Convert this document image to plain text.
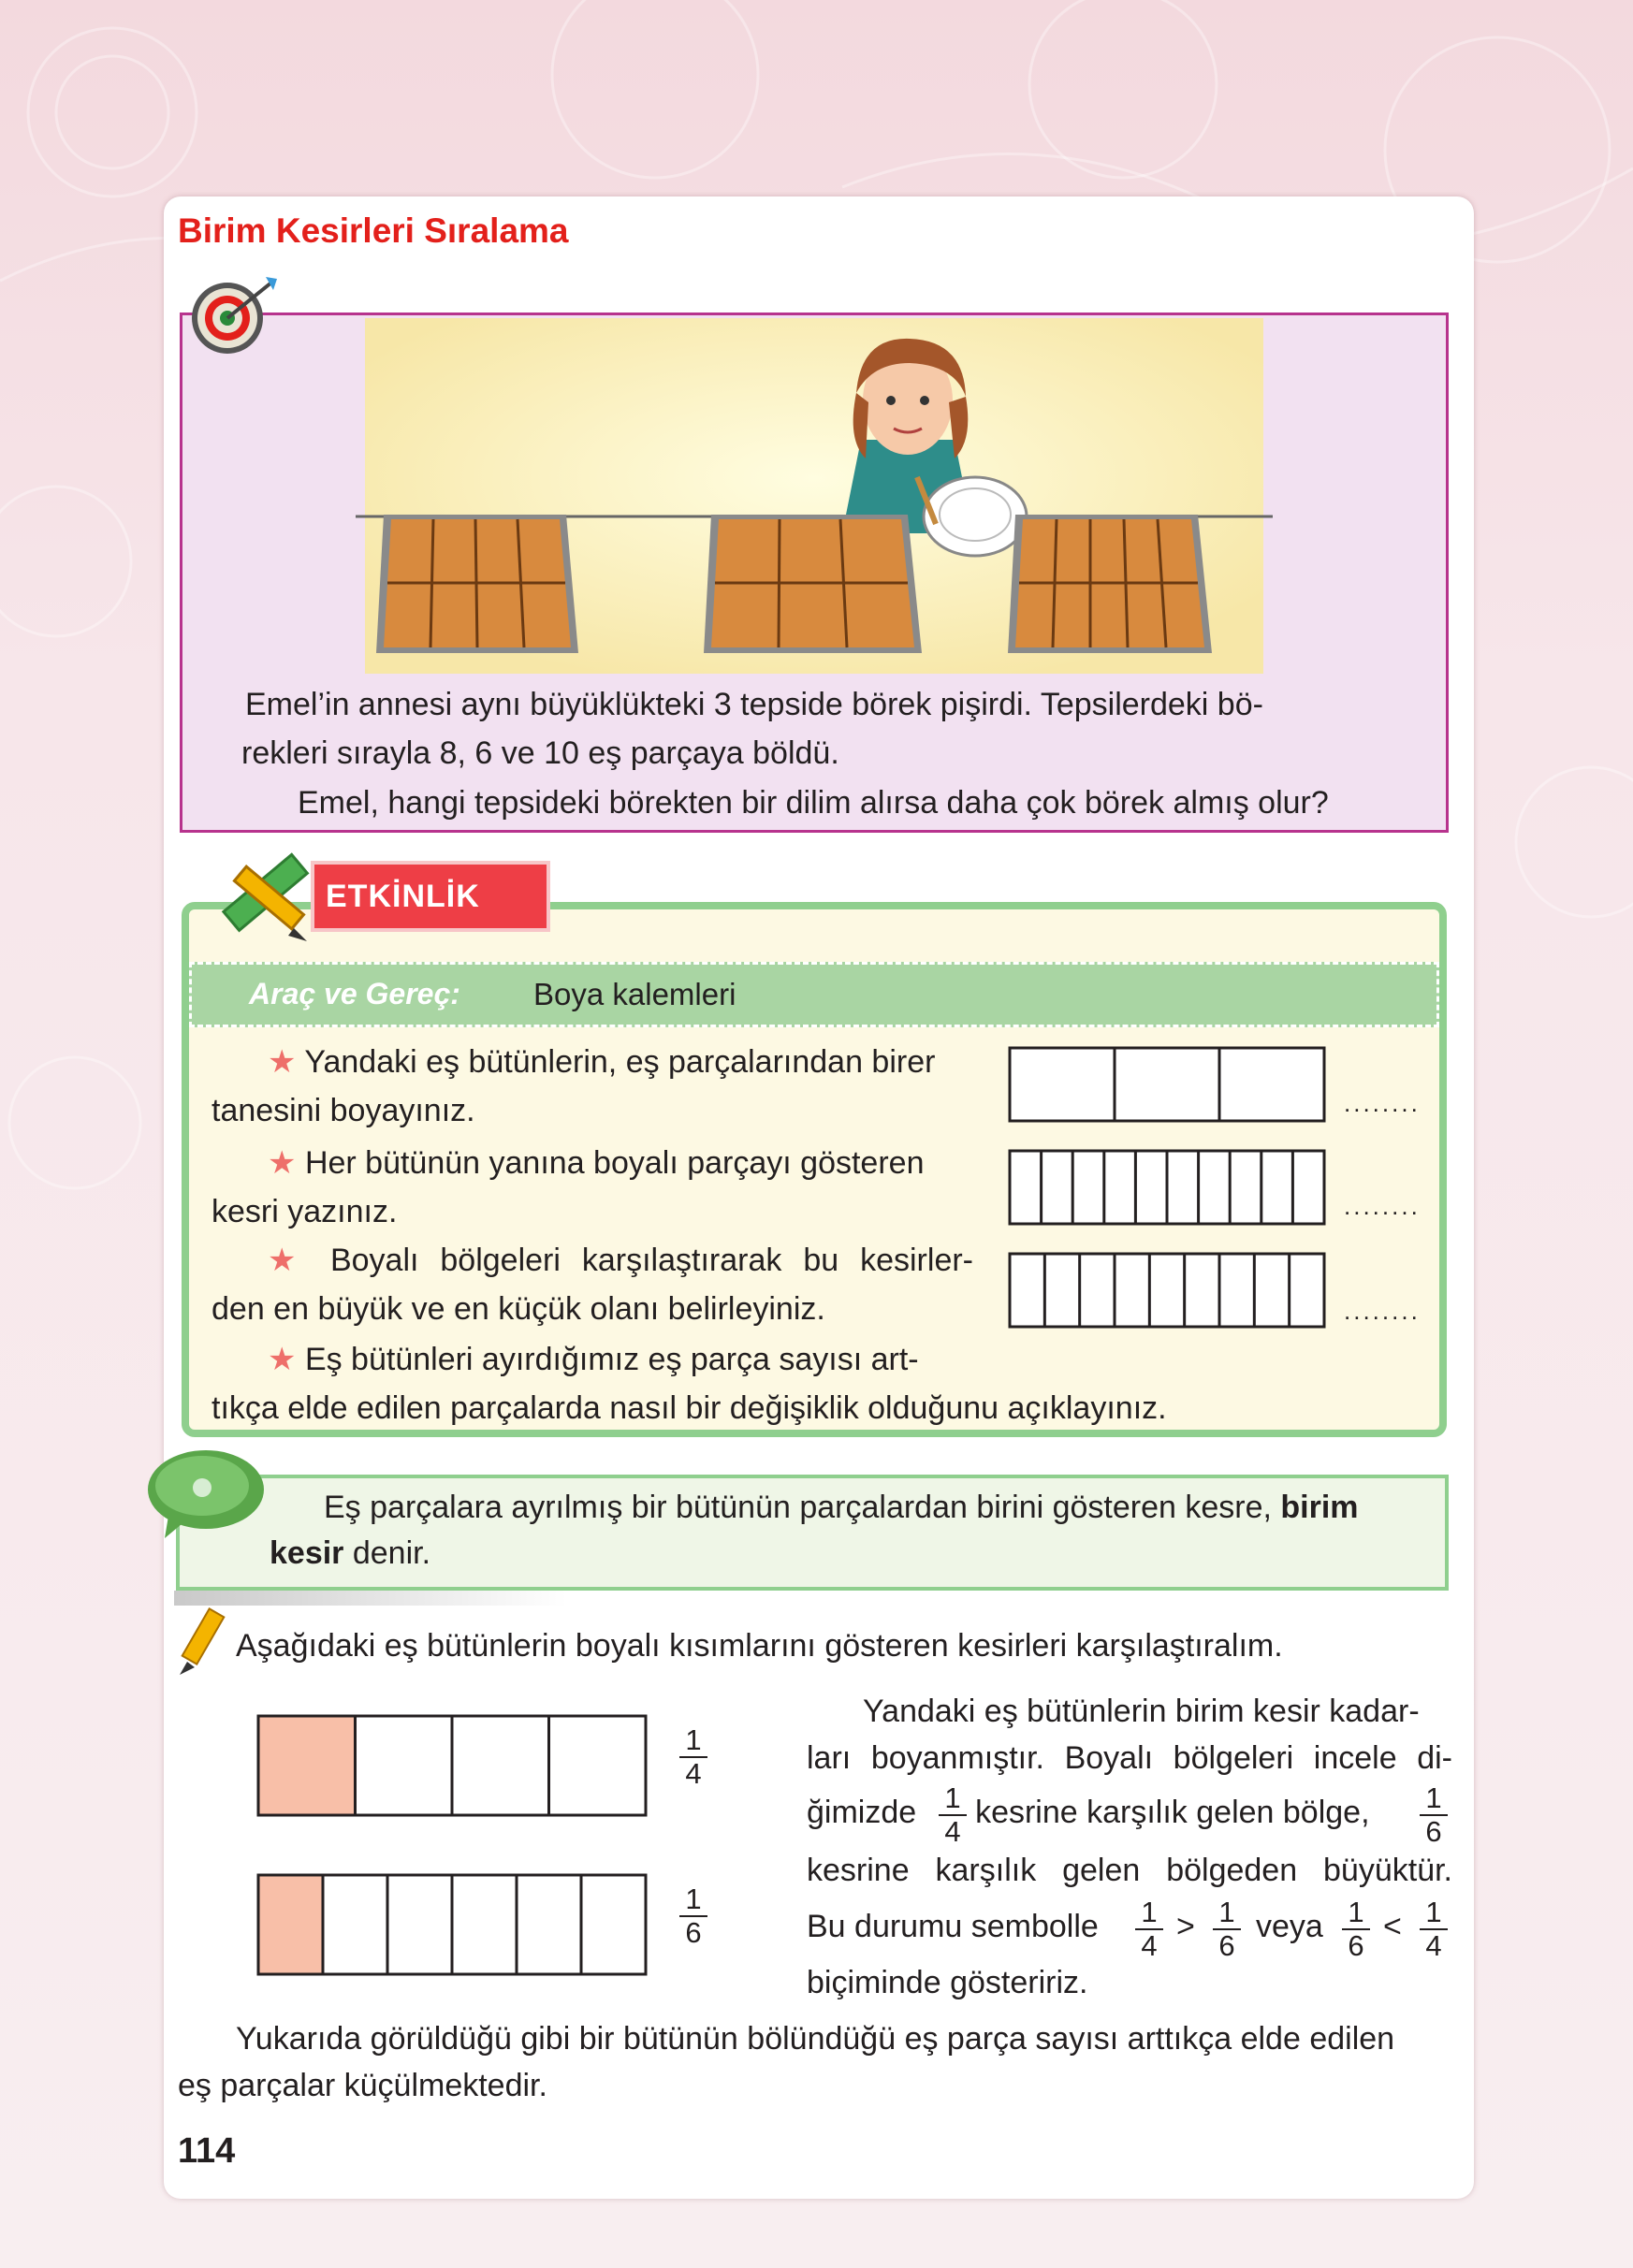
Birim Kesirleri Sıralama
Emel’in annesi aynı büyüklükteki 3 tepside börek pişirdi. Tepsilerdeki bö-
rekleri sırayla 8, 6 ve 10 eş parçaya böldü.
Emel, hangi tepsideki börekten bir dilim alırsa daha çok börek almış olur?
ETKİNLİK
Araç ve Gereç: Boya kalemleri
★ Yandaki eş bütünlerin, eş parçalarından birer
tanesini boyayınız.
★ Her bütünün yanına boyalı parçayı gösteren
kesri yazınız.
★ Boyalı bölgeleri karşılaştırarak bu kesirler-
den en büyük ve en küçük olanı belirleyiniz.
★ Eş bütünleri ayırdığımız eş parça sayısı art-
tıkça elde edilen parçalarda nasıl bir değişiklik olduğunu açıklayınız.
........
........
........
Eş parçalara ayrılmış bir bütünün parçalardan birini gösteren kesre, birim
kesir denir.
Aşağıdaki eş bütünlerin boyalı kısımlarını gösteren kesirleri karşılaştıralım.
$\frac{1}{4}$
$\frac{1}{6}$
Yandaki eş bütünlerin birim kesir kadar-
ları boyanmıştır. Boyalı bölgeleri incele di-
ğimizde kesrine karşılık gelen bölge,
$\frac{1}{4}$	$\frac{1}{6}$
kesrine karşılık gelen bölgeden büyüktür.
Bu durumu sembolle $\frac{1}{4} > \frac{1}{6}$ veya $\frac{1}{6} < \frac{1}{4}$
biçiminde gösteririz.
Yukarıda görüldüğü gibi bir bütünün bölündüğü eş parça sayısı arttıkça elde edilen
eş parçalar küçülmektedir.
114
